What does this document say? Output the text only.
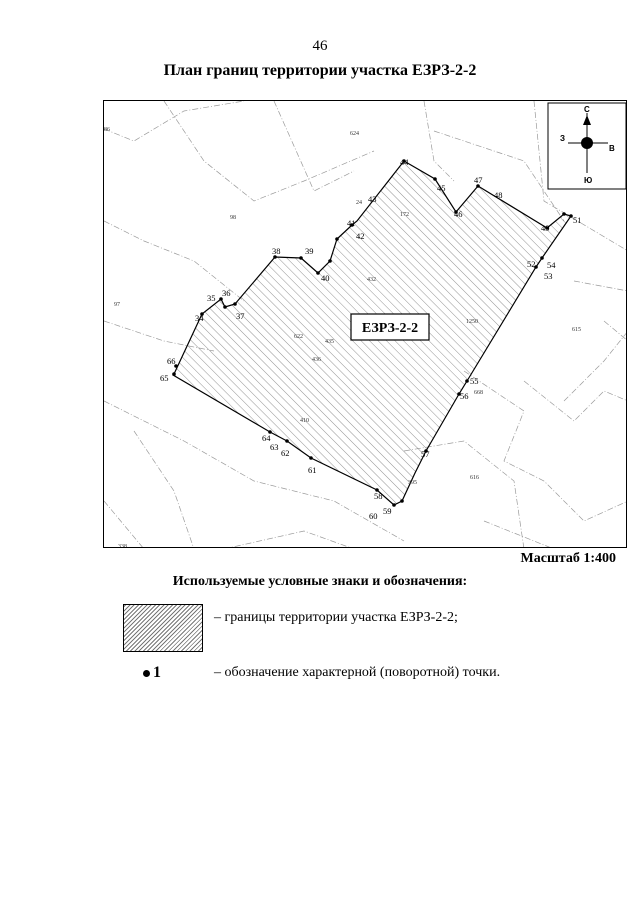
46
План границ территории участка ЕЗРЗ-2-2
ЕЗРЗ-2-2
34
35 36
37
38	39
40
41
42
43
44
45
46
47
48
49
51
52
53
54
55
56
57
58
59
60
61
62
63
64
65
66
624
98
97
615
616
395
338
86
24
172
432
1250
622
435
436
410
668
С
Ю
З
В
Масштаб 1:400
Используемые условные знаки и обозначения:
– границы территории участка ЕЗРЗ-2-2;
1	– обозначение характерной (поворотной) точки.
